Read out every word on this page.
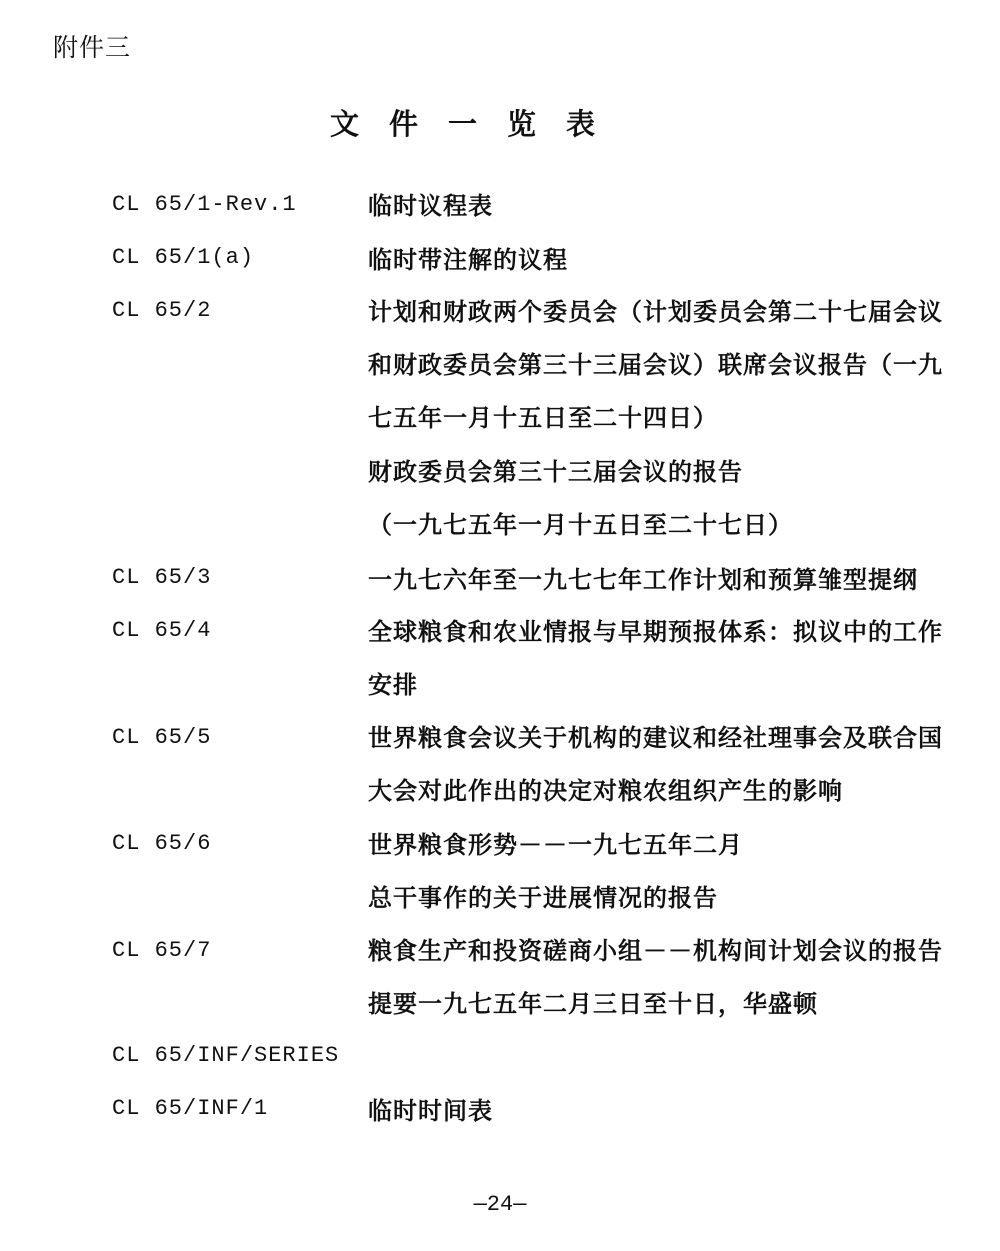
附件三
文件一览表
CL 65/1-Rev.1	临时议程表
CL 65/1(a)	临时带注解的议程
CL 65/2	计划和财政两个委员会（计划委员会第二十七届会议
和财政委员会第三十三届会议）联席会议报告（一九
七五年一月十五日至二十四日）
财政委员会第三十三届会议的报告
（一九七五年一月十五日至二十七日）
CL 65/3	一九七六年至一九七七年工作计划和预算雏型提纲
CL 65/4	全球粮食和农业情报与早期预报体系：拟议中的工作
安排
CL 65/5	世界粮食会议关于机构的建议和经社理事会及联合国
大会对此作出的决定对粮农组织产生的影响
CL 65/6	世界粮食形势－－一九七五年二月
总干事作的关于进展情况的报告
CL 65/7	粮食生产和投资磋商小组－－机构间计划会议的报告
提要一九七五年二月三日至十日，华盛顿
CL 65/INF/SERIES
CL 65/INF/1	临时时间表
—24—
